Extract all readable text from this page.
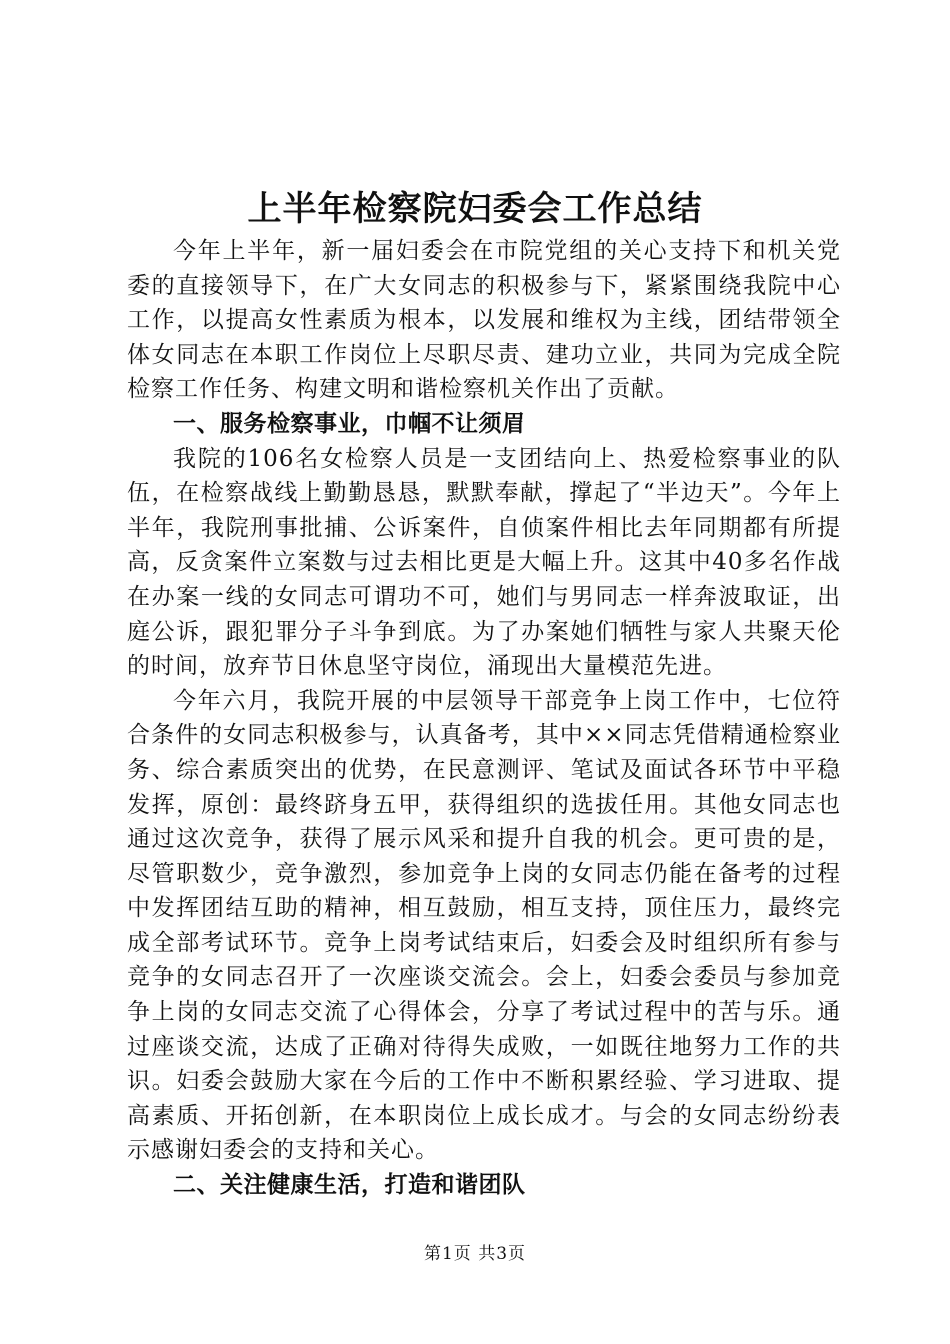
上半年检察院妇委会工作总结

今年上半年，新一届妇委会在市院党组的关心支持下和机关党委的直接领导下，在广大女同志的积极参与下，紧紧围绕我院中心工作，以提高女性素质为根本，以发展和维权为主线，团结带领全体女同志在本职工作岗位上尽职尽责、建功立业，共同为完成全院检察工作任务、构建文明和谐检察机关作出了贡献。

一、服务检察事业，巾帼不让须眉

我院的106名女检察人员是一支团结向上、热爱检察事业的队伍，在检察战线上勤勤恳恳，默默奉献，撑起了“半边天”。今年上半年，我院刑事批捕、公诉案件，自侦案件相比去年同期都有所提高，反贪案件立案数与过去相比更是大幅上升。这其中40多名作战在办案一线的女同志可谓功不可，她们与男同志一样奔波取证，出庭公诉，跟犯罪分子斗争到底。为了办案她们牺牲与家人共聚天伦的时间，放弃节日休息坚守岗位，涌现出大量模范先进。

今年六月，我院开展的中层领导干部竞争上岗工作中，七位符合条件的女同志积极参与，认真备考，其中××同志凭借精通检察业务、综合素质突出的优势，在民意测评、笔试及面试各环节中平稳发挥，原创：最终跻身五甲，获得组织的选拔任用。其他女同志也通过这次竞争，获得了展示风采和提升自我的机会。更可贵的是，尽管职数少，竞争激烈，参加竞争上岗的女同志仍能在备考的过程中发挥团结互助的精神，相互鼓励，相互支持，顶住压力，最终完成全部考试环节。竞争上岗考试结束后，妇委会及时组织所有参与竞争的女同志召开了一次座谈交流会。会上，妇委会委员与参加竞争上岗的女同志交流了心得体会，分享了考试过程中的苦与乐。通过座谈交流，达成了正确对待得失成败，一如既往地努力工作的共识。妇委会鼓励大家在今后的工作中不断积累经验、学习进取、提高素质、开拓创新，在本职岗位上成长成才。与会的女同志纷纷表示感谢妇委会的支持和关心。

二、关注健康生活，打造和谐团队

第1页 共3页
